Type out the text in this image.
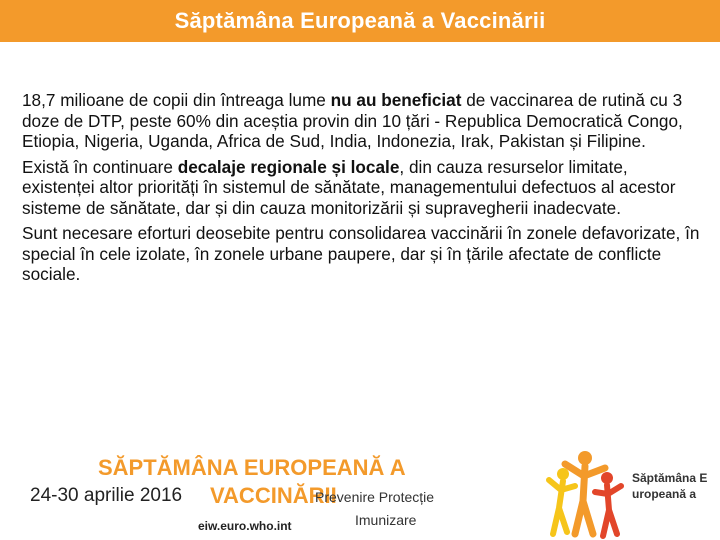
Săptămâna Europeană a Vaccinării

18,7 milioane de copii din întreaga lume nu au beneficiat de vaccinarea de rutină cu 3 doze de DTP, peste 60% din aceștia provin din 10 țări - Republica Democratică Congo, Etiopia, Nigeria, Uganda, Africa de Sud, India, Indonezia, Irak, Pakistan și Filipine.

Există în continuare decalaje regionale și locale, din cauza resurselor limitate, existenței altor priorități în sistemul de sănătate, managementului defectuos al acestor sisteme de sănătate, dar și din cauza monitorizării și supravegherii inadecvate.

Sunt necesare eforturi deosebite pentru consolidarea vaccinării în zonele defavorizate, în special în cele izolate, în zonele urbane paupere, dar și în țările afectate de conflicte sociale.

SĂPTĂMÂNA EUROPEANĂ A
VACCINĂRII
24-30 aprilie 2016	Prevenire Protecție
Imunizare
eiw.euro.who.int
Săptămâna Europeană a
